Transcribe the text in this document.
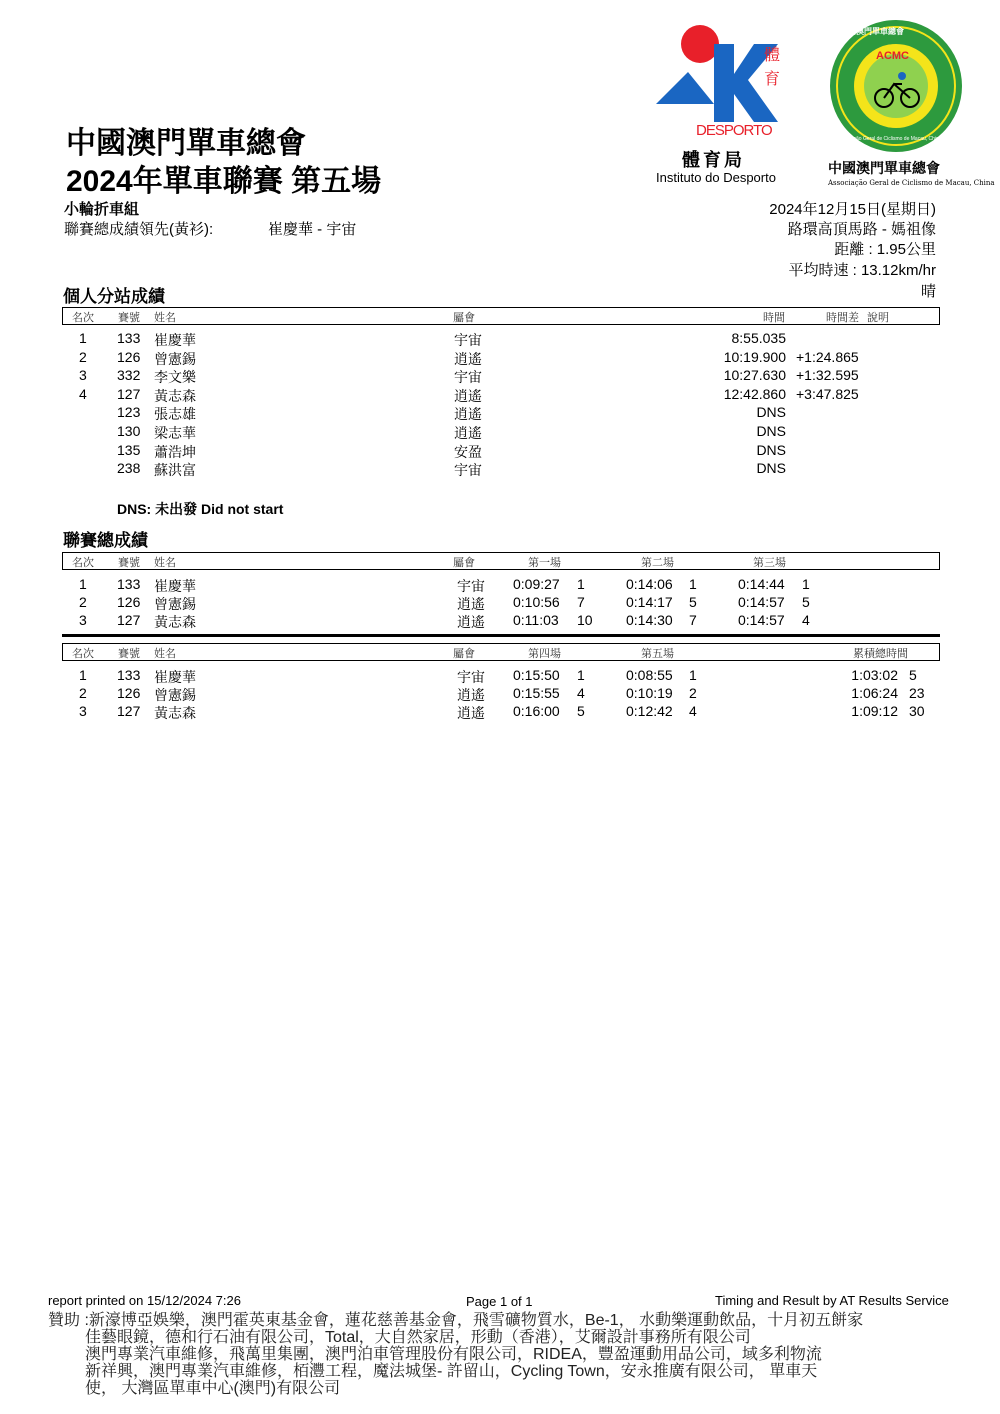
中國澳門單車總會
2024年單車聯賽 第五場
小輪折車組
聯賽總成績領先(黃衫):	崔慶華 - 宇宙
2024年12月15日(星期日)
路環高頂馬路 - 媽祖像
距離 : 1.95公里
平均時速 : 13.12km/hr
晴
體
育
DESPORTO
體育局
Instituto do Desporto
ACMC
中國澳門單車總會
Associação Geral de Ciclismo de Macau, China
中國澳門單車總會
Associação Geral de Ciclismo de Macau, China
個人分站成績
名次 賽號 姓名	屬會	時間	時間差 說明
1 133 崔慶華	宇宙	8:55.035
2 126 曾憲錫	逍遙	10:19.900 +1:24.865
3 332 李文樂	宇宙	10:27.630 +1:32.595
4 127 黃志森	逍遙	12:42.860 +3:47.825
123 張志雄	逍遙	DNS
130 梁志華	逍遙	DNS
135 蕭浩坤	安盈	DNS
238 蘇洪富	宇宙	DNS
DNS: 未出發 Did not start
聯賽總成績
名次 賽號 姓名	屬會	第一場	第二場	第三場
1 133 崔慶華	宇宙 0:09:27 1	0:14:06 1	0:14:44 1
2 126 曾憲錫	逍遙 0:10:56 7	0:14:17 5	0:14:57 5
3 127 黃志森	逍遙 0:11:03 10 0:14:30 7	0:14:57 4
名次 賽號 姓名	屬會	第四場	第五場	累積總時間
1 133 崔慶華	宇宙 0:15:50 1	0:08:55 1	1:03:02 5
2 126 曾憲錫	逍遙 0:15:55 4	0:10:19 2	1:06:24 23
3 127 黃志森	逍遙 0:16:00 5	0:12:42 4	1:09:12 30
report printed on 15/12/2024 7:26	Page 1 of 1	Timing and Result by AT Results Service
贊助 :新濠博亞娛樂，澳門霍英東基金會，蓮花慈善基金會，飛雪礦物質水，Be-1， 水動樂運動飲品，十月初五餅家
佳藝眼鏡，德和行石油有限公司，Total，大自然家居，形動（香港），艾爾設計事務所有限公司
澳門專業汽車維修，飛萬里集團，澳門泊車管理股份有限公司，RIDEA，豐盈運動用品公司，域多利物流
新祥興，澳門專業汽車維修，栢灃工程，魔法城堡- 許留山，Cycling Town，安永推廣有限公司， 單車天
使， 大灣區單車中心(澳門)有限公司
